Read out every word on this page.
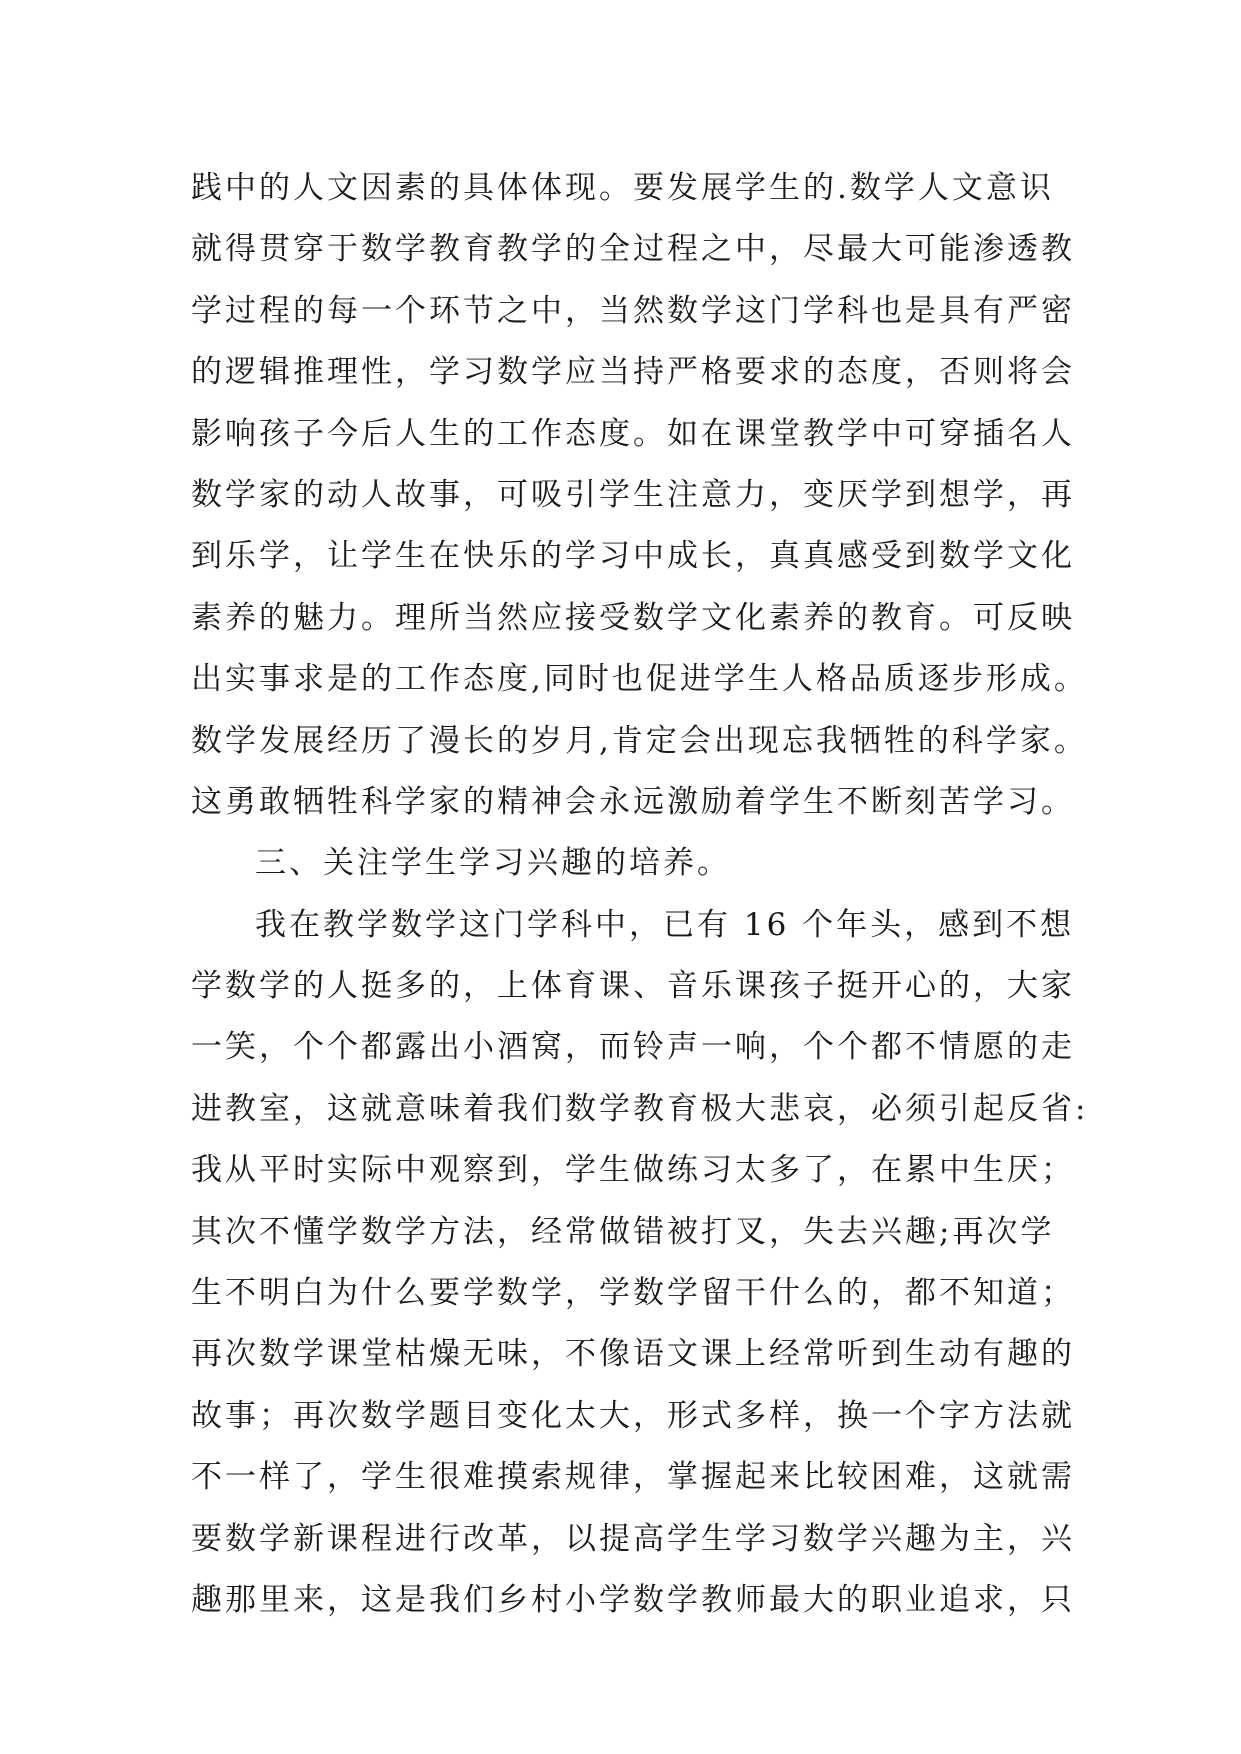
践中的人文因素的具体体现。要发展学生的.数学人文意识
就得贯穿于数学教育教学的全过程之中，尽最大可能渗透教
学过程的每一个环节之中，当然数学这门学科也是具有严密
的逻辑推理性，学习数学应当持严格要求的态度，否则将会
影响孩子今后人生的工作态度。如在课堂教学中可穿插名人
数学家的动人故事，可吸引学生注意力，变厌学到想学，再
到乐学，让学生在快乐的学习中成长，真真感受到数学文化
素养的魅力。理所当然应接受数学文化素养的教育。可反映
出实事求是的工作态度,同时也促进学生人格品质逐步形成。
数学发展经历了漫长的岁月,肯定会出现忘我牺牲的科学家。
这勇敢牺牲科学家的精神会永远激励着学生不断刻苦学习。
三、关注学生学习兴趣的培养。
我在教学数学这门学科中，已有 16 个年头，感到不想
学数学的人挺多的，上体育课、音乐课孩子挺开心的，大家
一笑，个个都露出小酒窝，而铃声一响，个个都不情愿的走
进教室，这就意味着我们数学教育极大悲哀，必须引起反省:
我从平时实际中观察到，学生做练习太多了，在累中生厌；
其次不懂学数学方法，经常做错被打叉，失去兴趣;再次学
生不明白为什么要学数学，学数学留干什么的，都不知道；
再次数学课堂枯燥无味，不像语文课上经常听到生动有趣的
故事；再次数学题目变化太大，形式多样，换一个字方法就
不一样了，学生很难摸索规律，掌握起来比较困难，这就需
要数学新课程进行改革，以提高学生学习数学兴趣为主，兴
趣那里来，这是我们乡村小学数学教师最大的职业追求，只
